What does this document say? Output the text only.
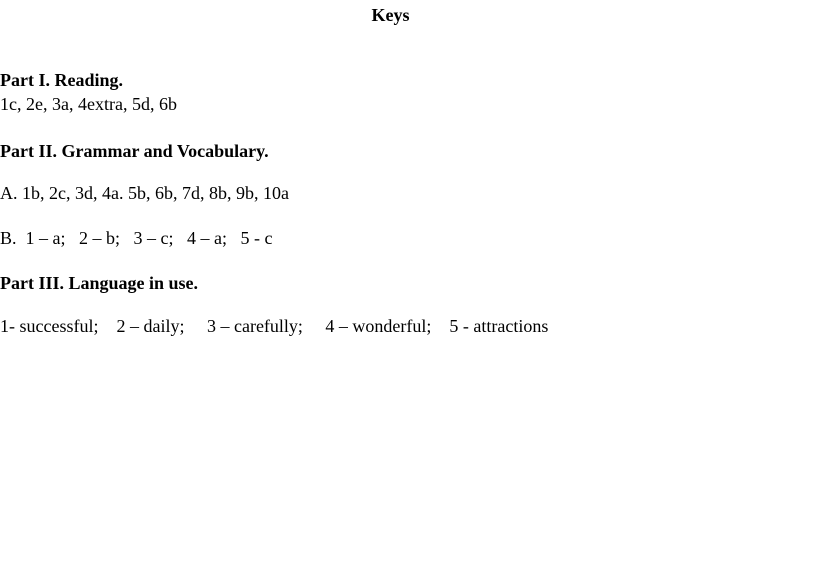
Keys
Part I. Reading.
1c, 2e, 3a, 4extra, 5d, 6b
Part II. Grammar and Vocabulary.
A. 1b, 2c, 3d, 4a. 5b, 6b, 7d, 8b, 9b, 10a
B.  1 – a;   2 – b;   3 – c;   4 – a;   5 - c
Part III. Language in use.
1- successful;    2 – daily;     3 – carefully;     4 – wonderful;    5 - attractions
